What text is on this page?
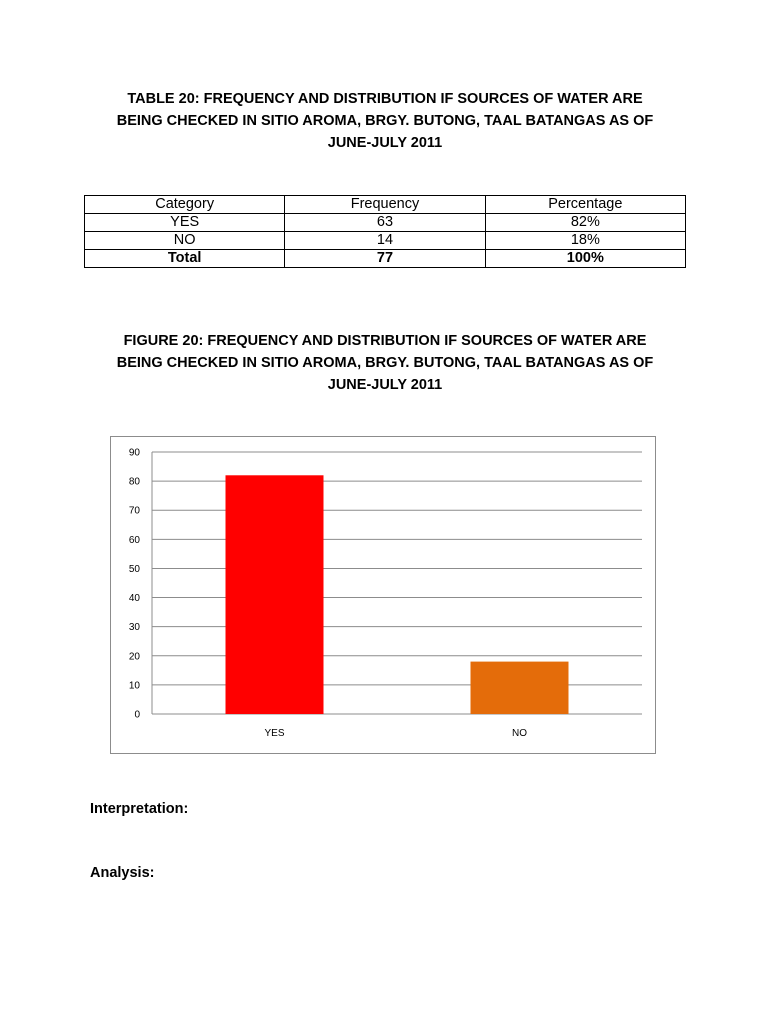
TABLE 20: FREQUENCY AND DISTRIBUTION IF SOURCES OF WATER ARE
BEING CHECKED IN SITIO AROMA, BRGY. BUTONG, TAAL BATANGAS AS OF
JUNE-JULY 2011
Category	Frequency	Percentage
YES	63	82%
NO	14	18%
Total	77	100%
FIGURE 20: FREQUENCY AND DISTRIBUTION IF SOURCES OF WATER ARE
BEING CHECKED IN SITIO AROMA, BRGY. BUTONG, TAAL BATANGAS AS OF
JUNE-JULY 2011
0
10
20
30
40
50
60
70
80
90
YES	NO
Interpretation:
Analysis:
